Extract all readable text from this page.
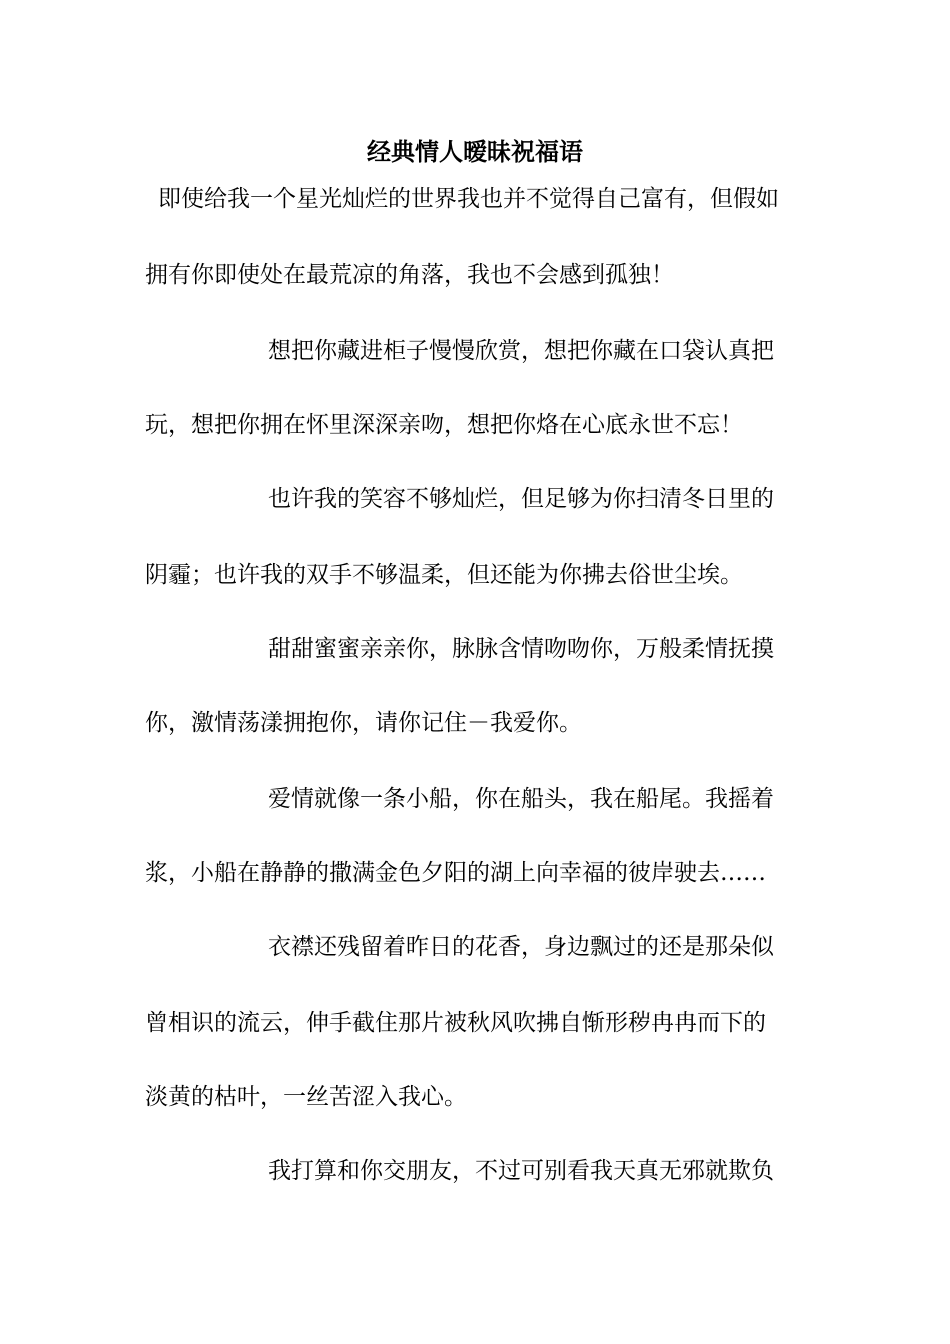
经典情人暧昧祝福语

即使给我一个星光灿烂的世界我也并不觉得自己富有，但假如

拥有你即使处在最荒凉的角落，我也不会感到孤独！

想把你藏进柜子慢慢欣赏，想把你藏在口袋认真把

玩，想把你拥在怀里深深亲吻，想把你烙在心底永世不忘！

也许我的笑容不够灿烂，但足够为你扫清冬日里的

阴霾；也许我的双手不够温柔，但还能为你拂去俗世尘埃。

甜甜蜜蜜亲亲你，脉脉含情吻吻你，万般柔情抚摸

你，激情荡漾拥抱你，请你记住－我爱你。

爱情就像一条小船，你在船头，我在船尾。我摇着

浆，小船在静静的撒满金色夕阳的湖上向幸福的彼岸驶去……

衣襟还残留着昨日的花香，身边飘过的还是那朵似

曾相识的流云，伸手截住那片被秋风吹拂自惭形秽冉冉而下的

淡黄的枯叶，一丝苦涩入我心。

我打算和你交朋友，不过可别看我天真无邪就欺负
